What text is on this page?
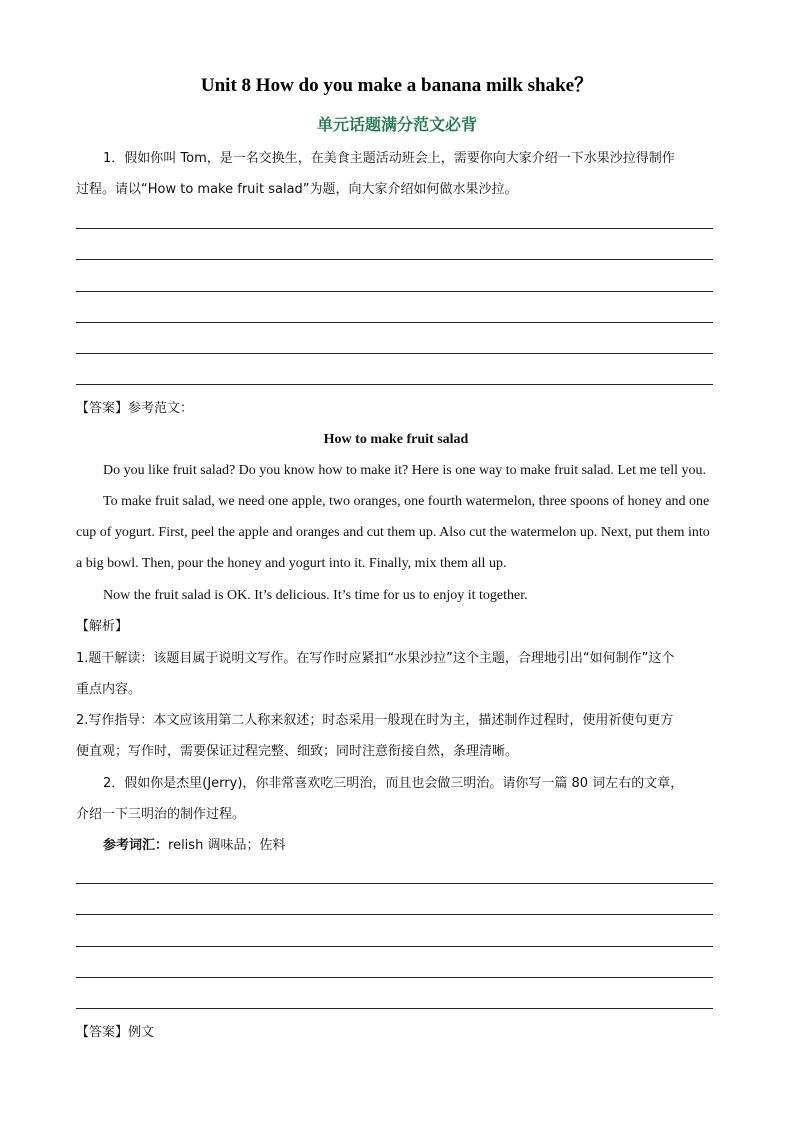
Unit 8 How do you make a banana milk shake？
单元话题满分范文必背
1．假如你叫 Tom，是一名交换生，在美食主题活动班会上，需要你向大家介绍一下水果沙拉得制作
过程。请以“How to make fruit salad”为题，向大家介绍如何做水果沙拉。
【答案】参考范文：
How to make fruit salad
Do you like fruit salad? Do you know how to make it? Here is one way to make fruit salad. Let me tell you.
To make fruit salad, we need one apple, two oranges, one fourth watermelon, three spoons of honey and one
cup of yogurt. First, peel the apple and oranges and cut them up. Also cut the watermelon up. Next, put them into
a big bowl. Then, pour the honey and yogurt into it. Finally, mix them all up.
Now the fruit salad is OK. It’s delicious. It’s time for us to enjoy it together.
【解析】
1.题干解读：该题目属于说明文写作。在写作时应紧扣“水果沙拉”这个主题，合理地引出“如何制作”这个
重点内容。
2.写作指导：本文应该用第二人称来叙述；时态采用一般现在时为主，描述制作过程时，使用祈使句更方
便直观；写作时，需要保证过程完整、细致；同时注意衔接自然，条理清晰。
2．假如你是杰里(Jerry)，你非常喜欢吃三明治，而且也会做三明治。请你写一篇 80 词左右的文章，
介绍一下三明治的制作过程。
参考词汇：relish 调味品；佐料
【答案】例文
